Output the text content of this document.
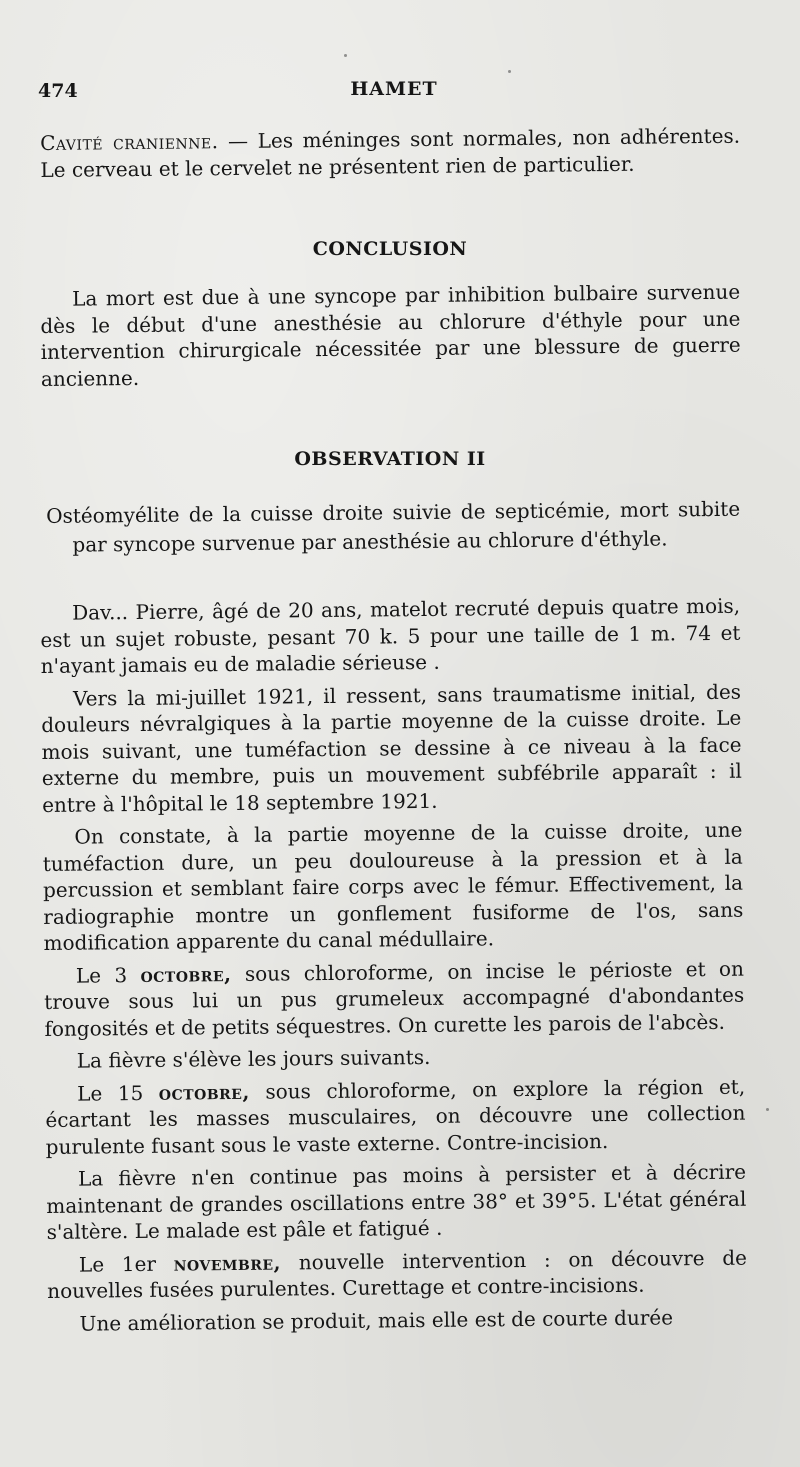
474	HAMET

Cavité cranienne. — Les méninges sont normales, non adhérentes. Le cerveau et le cervelet ne présentent rien de particulier.

CONCLUSION

La mort est due à une syncope par inhibition bulbaire survenue dès le début d'une anesthésie au chlorure d'éthyle pour une intervention chirurgicale nécessitée par une blessure de guerre ancienne.

OBSERVATION II

Ostéomyélite de la cuisse droite suivie de septicémie, mort subite par syncope survenue par anesthésie au chlorure d'éthyle.

Dav... Pierre, âgé de 20 ans, matelot recruté depuis quatre mois, est un sujet robuste, pesant 70 k. 5 pour une taille de 1 m. 74 et n'ayant jamais eu de maladie sérieuse .

Vers la mi-juillet 1921, il ressent, sans traumatisme initial, des douleurs névralgiques à la partie moyenne de la cuisse droite. Le mois suivant, une tuméfaction se dessine à ce niveau à la face externe du membre, puis un mouvement subfébrile apparaît : il entre à l'hôpital le 18 septembre 1921.

On constate, à la partie moyenne de la cuisse droite, une tuméfaction dure, un peu douloureuse à la pression et à la percussion et semblant faire corps avec le fémur. Effectivement, la radiographie montre un gonflement fusiforme de l'os, sans modification apparente du canal médullaire.

Le 3 octobre, sous chloroforme, on incise le périoste et on trouve sous lui un pus grumeleux accompagné d'abondantes fongosités et de petits séquestres. On curette les parois de l'abcès.

La fièvre s'élève les jours suivants.

Le 15 octobre, sous chloroforme, on explore la région et, écartant les masses musculaires, on découvre une collection purulente fusant sous le vaste externe. Contre-incision.

La fièvre n'en continue pas moins à persister et à décrire maintenant de grandes oscillations entre 38° et 39°5. L'état général s'altère. Le malade est pâle et fatigué .

Le 1er novembre, nouvelle intervention : on découvre de nouvelles fusées purulentes. Curettage et contre-incisions.

Une amélioration se produit, mais elle est de courte durée
